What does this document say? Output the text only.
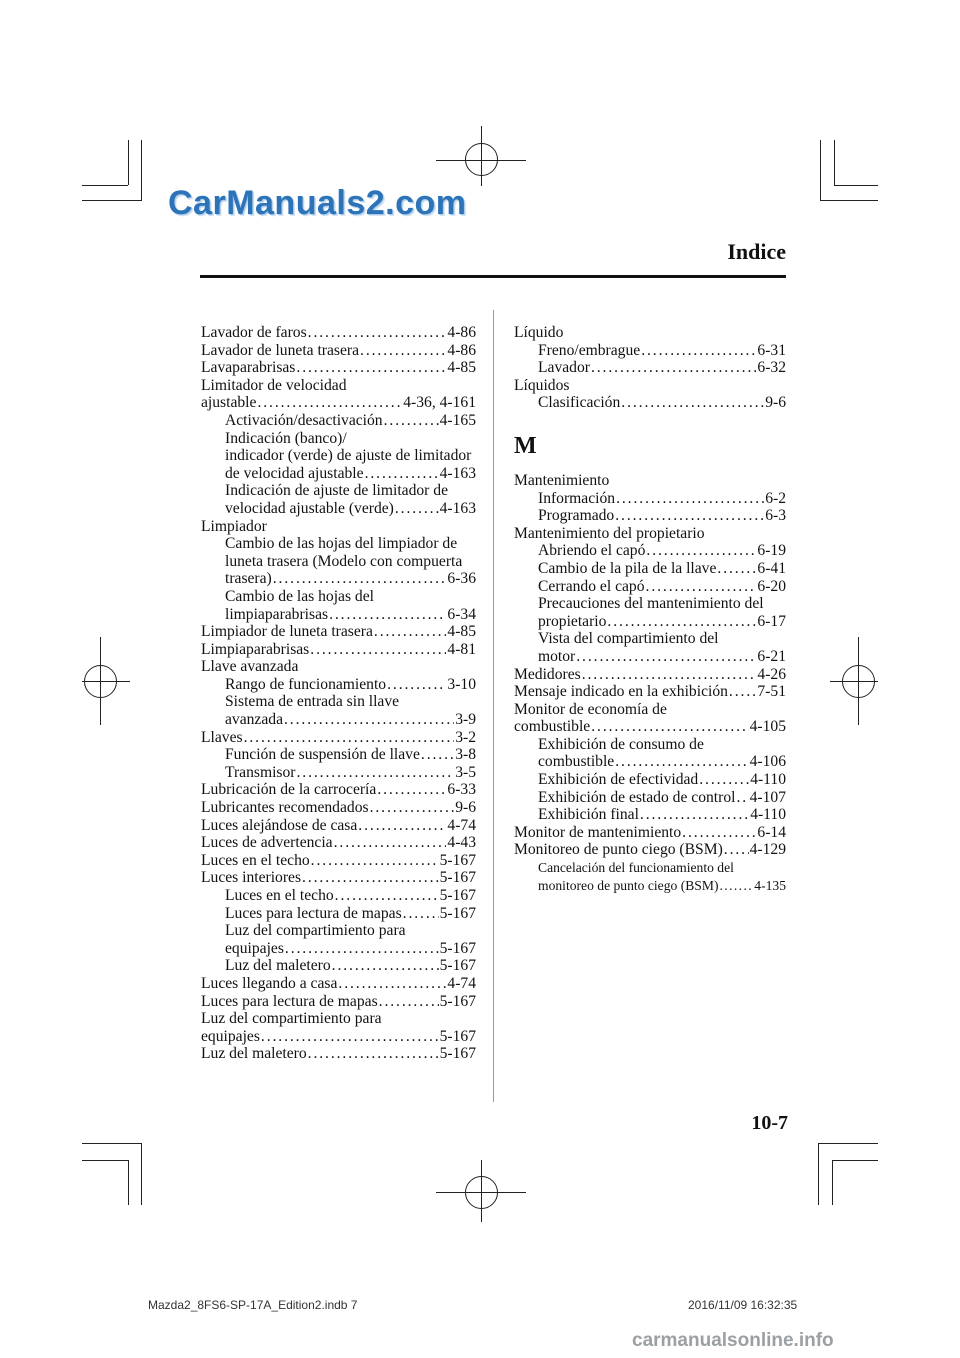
CarManuals2.com
Indice
Lavador de faros . . .	4-86
Lavador de luneta trasera . . .	4-86
Lavaparabrisas . . .	4-85
Limitador de velocidad
ajustable . . .	4-36, 4-161
Activación/desactivación . . .	4-165
Indicación (banco)/
indicador (verde) de ajuste de limitador
de velocidad ajustable . . .	4-163
Indicación de ajuste de limitador de
velocidad ajustable (verde) . . .	4-163
Limpiador
Cambio de las hojas del limpiador de
luneta trasera (Modelo con compuerta
trasera) . . .	6-36
Cambio de las hojas del
limpiaparabrisas . . .	6-34
Limpiador de luneta trasera . . .	4-85
Limpiaparabrisas . . .	4-81
Llave avanzada
Rango de funcionamiento . . .	3-10
Sistema de entrada sin llave
avanzada . . .	3-9
Llaves . . .	3-2
Función de suspensión de llave . . . 3-8
Transmisor . . .	3-5
Lubricación de la carrocería . . .	6-33
Lubricantes recomendados . . .	9-6
Luces alejándose de casa . . .	4-74
Luces de advertencia . . .	4-43
Luces en el techo . . .	5-167
Luces interiores . . .	5-167
Luces en el techo . . .	5-167
Luces para lectura de mapas . . . 5-167
Luz del compartimiento para
equipajes . . .	5-167
Luz del maletero . . .	5-167
Luces llegando a casa . . .	4-74
Luces para lectura de mapas . . .	5-167
Luz del compartimiento para
equipajes . . .	5-167
Luz del maletero . . .	5-167
Líquido
Freno/embrague . . .	6-31
Lavador . . .	6-32
Líquidos
Clasificación . . .	9-6
M
Mantenimiento
Información . . .	6-2
Programado . . .	6-3
Mantenimiento del propietario
Abriendo el capó . . .	6-19
Cambio de la pila de la llave . . .	6-41
Cerrando el capó . . .	6-20
Precauciones del mantenimiento del
propietario . . .	6-17
Vista del compartimiento del
motor . . .	6-21
Medidores . . .	4-26
Mensaje indicado en la exhibición . . . 7-51
Monitor de economía de
combustible . . .	4-105
Exhibición de consumo de
combustible . . .	4-106
Exhibición de efectividad . . .	4-110
Exhibición de estado de control . . . 4-107
Exhibición final . . .	4-110
Monitor de mantenimiento . . .	6-14
Monitoreo de punto ciego (BSM) . . . 4-129
Cancelación del funcionamiento del
monitoreo de punto ciego (BSM) . . .	4-135
10-7
Mazda2_8FS6-SP-17A_Edition2.indb 7	2016/11/09 16:32:35
carmanualsonline.info
